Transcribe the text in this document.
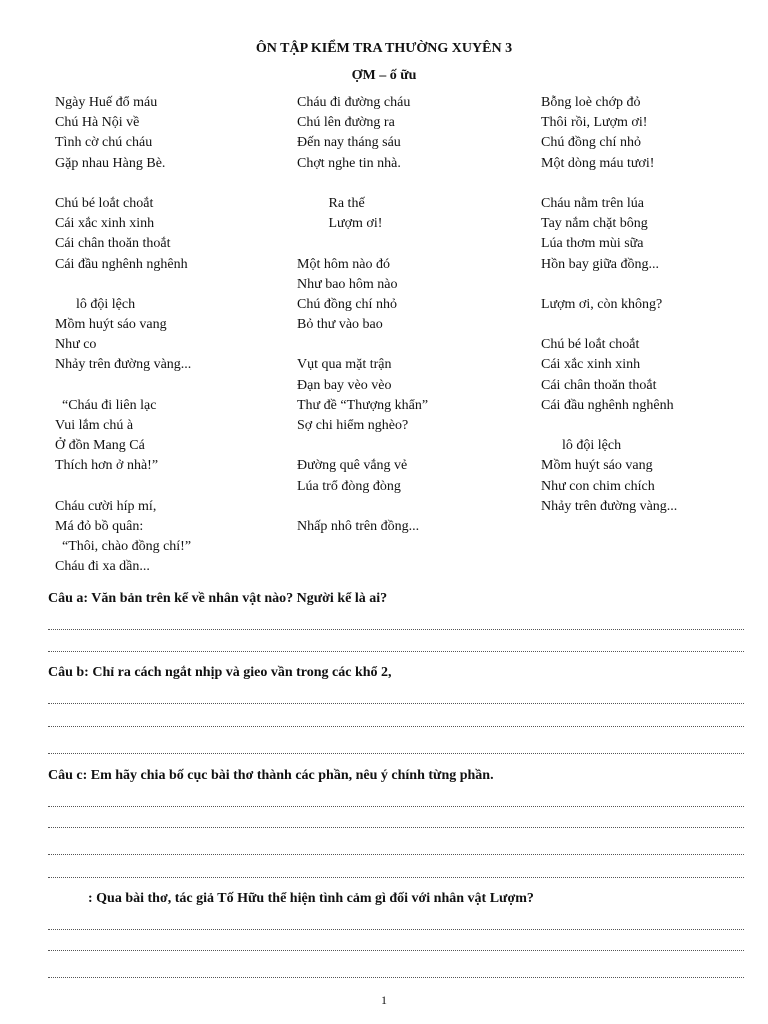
ÔN TẬP KIỂM TRA THƯỜNG XUYÊN 3
ỢM – ố ữu
Ngày Huế đổ máu
Chú Hà Nội về
Tình cờ chú cháu
Gặp nhau Hàng Bè.
Chú bé loắt choắt
Cái xắc xinh xinh
Cái chân thoăn thoắt
Cái đầu nghênh nghênh
lô đội lệch
Mồm huýt sáo vang
Như co
Nhảy trên đường vàng...
“Cháu đi liên lạc
Vui lắm chú à
Ở đồn Mang Cá
Thích hơn ở nhà!”
Cháu cười híp mí,
Má đỏ bồ quân:
“Thôi, chào đồng chí!”
Cháu đi xa dần...
Cháu đi đường cháu
Chú lên đường ra
Đến nay tháng sáu
Chợt nghe tin nhà.
Ra thế
Lượm ơi!
Một hôm nào đó
Như bao hôm nào
Chú đồng chí nhỏ
Bỏ thư vào bao
Vụt qua mặt trận
Đạn bay vèo vèo
Thư đề “Thượng khẩn”
Sợ chi hiểm nghèo?
Đường quê vắng vẻ
Lúa trổ đòng đòng
Nhấp nhô trên đồng...
Bỗng loè chớp đỏ
Thôi rồi, Lượm ơi!
Chú đồng chí nhỏ
Một dòng máu tươi!
Cháu nằm trên lúa
Tay nắm chặt bông
Lúa thơm mùi sữa
Hồn bay giữa đồng...
Lượm ơi, còn không?
Chú bé loắt choắt
Cái xắc xinh xinh
Cái chân thoăn thoắt
Cái đầu nghênh nghênh
lô đội lệch
Mồm huýt sáo vang
Như con chim chích
Nhảy trên đường vàng...
Câu a: Văn bản trên kể về nhân vật nào? Người kể là ai?
Câu b: Chỉ ra cách ngắt nhịp và gieo vần trong các khổ 2,
Câu c: Em hãy chia bố cục bài thơ thành các phần, nêu ý chính từng phần.
: Qua bài thơ, tác giả Tố Hữu thể hiện tình cảm gì đối với nhân vật Lượm?
1
